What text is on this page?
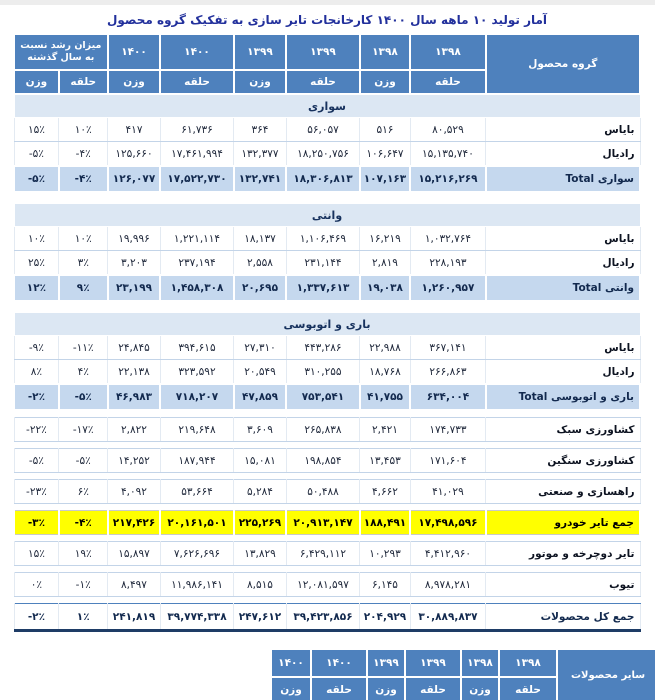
آمار تولید ۱۰ ماهه سال ۱۴۰۰ کارخانجات تایر سازی به تفکیک گروه محصول
گروه محصول	۱۳۹۸	۱۳۹۸	۱۳۹۹	۱۳۹۹	۱۴۰۰	۱۴۰۰	میزان رشد نسبت به سال گذشته	
	حلقه	وزن	حلقه	وزن	حلقه	وزن	حلقه	وزن
سواری								
بایاس	۸۰,۵۲۹	۵۱۶	۵۶,۰۵۷	۳۶۴	۶۱,۷۳۶	۴۱۷	۱۰٪	۱۵٪
رادیال	۱۵,۱۳۵,۷۴۰	۱۰۶,۶۴۷	۱۸,۲۵۰,۷۵۶	۱۳۲,۳۷۷	۱۷,۴۶۱,۹۹۴	۱۲۵,۶۶۰	-۴٪	-۵٪
Total سواری	۱۵,۲۱۶,۲۶۹	۱۰۷,۱۶۳	۱۸,۳۰۶,۸۱۳	۱۳۲,۷۴۱	۱۷,۵۲۲,۷۳۰	۱۲۶,۰۷۷	-۴٪	-۵٪

وانتی								
بایاس	۱,۰۳۲,۷۶۴	۱۶,۲۱۹	۱,۱۰۶,۴۶۹	۱۸,۱۳۷	۱,۲۲۱,۱۱۴	۱۹,۹۹۶	۱۰٪	۱۰٪
رادیال	۲۲۸,۱۹۳	۲,۸۱۹	۲۳۱,۱۴۴	۲,۵۵۸	۲۳۷,۱۹۴	۳,۲۰۳	۳٪	۲۵٪
Total وانتی	۱,۲۶۰,۹۵۷	۱۹,۰۳۸	۱,۳۳۷,۶۱۳	۲۰,۶۹۵	۱,۴۵۸,۳۰۸	۲۳,۱۹۹	۹٪	۱۲٪

باری و اتوبوسی								
بایاس	۳۶۷,۱۴۱	۲۲,۹۸۸	۴۴۳,۲۸۶	۲۷,۳۱۰	۳۹۴,۶۱۵	۲۴,۸۴۵	-۱۱٪	-۹٪
رادیال	۲۶۶,۸۶۳	۱۸,۷۶۸	۳۱۰,۲۵۵	۲۰,۵۴۹	۳۲۳,۵۹۲	۲۲,۱۳۸	۴٪	۸٪
Total باری و اتوبوسی	۶۳۴,۰۰۴	۴۱,۷۵۵	۷۵۳,۵۴۱	۴۷,۸۵۹	۷۱۸,۲۰۷	۴۶,۹۸۳	-۵٪	-۲٪

کشاورزی سبک	۱۷۴,۷۳۳	۲,۴۲۱	۲۶۵,۸۳۸	۳,۶۰۹	۲۱۹,۶۴۸	۲,۸۲۲	-۱۷٪	-۲۲٪

کشاورزی سنگین	۱۷۱,۶۰۴	۱۳,۴۵۳	۱۹۸,۸۵۴	۱۵,۰۸۱	۱۸۷,۹۴۴	۱۴,۲۵۲	-۵٪	-۵٪

راهسازی و صنعتی	۴۱,۰۲۹	۴,۶۶۲	۵۰,۴۸۸	۵,۲۸۴	۵۳,۶۶۴	۴,۰۹۲	۶٪	-۲۳٪

جمع تایر خودرو	۱۷,۴۹۸,۵۹۶	۱۸۸,۴۹۱	۲۰,۹۱۳,۱۴۷	۲۲۵,۲۶۹	۲۰,۱۶۱,۵۰۱	۲۱۷,۴۲۶	-۴٪	-۳٪

تایر دوچرخه و موتور	۴,۴۱۲,۹۶۰	۱۰,۲۹۳	۶,۴۲۹,۱۱۲	۱۳,۸۲۹	۷,۶۲۶,۶۹۶	۱۵,۸۹۷	۱۹٪	۱۵٪

تیوب	۸,۹۷۸,۲۸۱	۶,۱۴۵	۱۲,۰۸۱,۵۹۷	۸,۵۱۵	۱۱,۹۸۶,۱۴۱	۸,۴۹۷	-۱٪	۰٪

جمع کل محصولات	۳۰,۸۸۹,۸۳۷	۲۰۴,۹۲۹	۳۹,۴۲۳,۸۵۶	۲۴۷,۶۱۲	۳۹,۷۷۴,۳۳۸	۲۴۱,۸۱۹	۱٪	-۲٪
سایر محصولات	۱۳۹۸	۱۳۹۸	۱۳۹۹	۱۳۹۹	۱۴۰۰	۱۴۰۰
	حلقه	وزن	حلقه	وزن	حلقه	وزن
